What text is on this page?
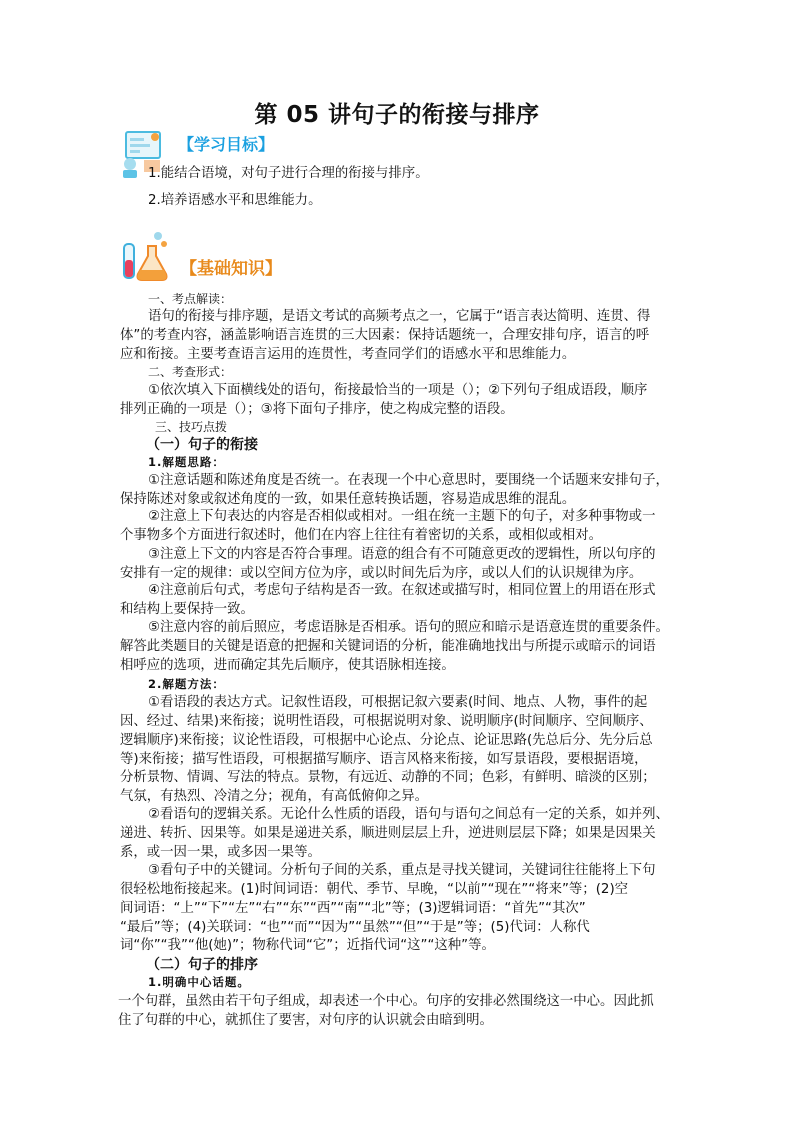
第 05 讲句子的衔接与排序
【学习目标】
1.能结合语境，对句子进行合理的衔接与排序。
2.培养语感水平和思维能力。
【基础知识】
一、考点解读：
语句的衔接与排序题，是语文考试的高频考点之一，它属于“语言表达简明、连贯、得
体”的考查内容，涵盖影响语言连贯的三大因素：保持话题统一，合理安排句序，语言的呼
应和衔接。主要考查语言运用的连贯性，考查同学们的语感水平和思维能力。
二、考查形式：
①依次填入下面横线处的语句，衔接最恰当的一项是（）；②下列句子组成语段，顺序
排列正确的一项是（）；③将下面句子排序，使之构成完整的语段。
三、技巧点拨
（一）句子的衔接
1.解题思路：
①注意话题和陈述角度是否统一。在表现一个中心意思时，要围绕一个话题来安排句子，
保持陈述对象或叙述角度的一致，如果任意转换话题，容易造成思维的混乱。
②注意上下句表达的内容是否相似或相对。一组在统一主题下的句子，对多种事物或一
个事物多个方面进行叙述时，他们在内容上往往有着密切的关系，或相似或相对。
③注意上下文的内容是否符合事理。语意的组合有不可随意更改的逻辑性，所以句序的
安排有一定的规律：或以空间方位为序，或以时间先后为序，或以人们的认识规律为序。
④注意前后句式，考虑句子结构是否一致。在叙述或描写时，相同位置上的用语在形式
和结构上要保持一致。
⑤注意内容的前后照应，考虑语脉是否相承。语句的照应和暗示是语意连贯的重要条件。
解答此类题目的关键是语意的把握和关键词语的分析，能准确地找出与所提示或暗示的词语
相呼应的选项，进而确定其先后顺序，使其语脉相连接。
2.解题方法：
①看语段的表达方式。记叙性语段，可根据记叙六要素(时间、地点、人物，事件的起
因、经过、结果)来衔接；说明性语段，可根据说明对象、说明顺序(时间顺序、空间顺序、
逻辑顺序)来衔接；议论性语段，可根据中心论点、分论点、论证思路(先总后分、先分后总
等)来衔接；描写性语段，可根据描写顺序、语言风格来衔接，如写景语段，要根据语境，
分析景物、情调、写法的特点。景物，有远近、动静的不同；色彩，有鲜明、暗淡的区别；
气氛，有热烈、冷清之分；视角，有高低俯仰之异。
②看语句的逻辑关系。无论什么性质的语段，语句与语句之间总有一定的关系，如并列、
递进、转折、因果等。如果是递进关系，顺进则层层上升，逆进则层层下降；如果是因果关
系，或一因一果，或多因一果等。
③看句子中的关键词。分析句子间的关系，重点是寻找关键词，关键词往往能将上下句
很轻松地衔接起来。(1)时间词语：朝代、季节、早晚，“以前”“现在”“将来”等；(2)空
间词语：“上”“下”“左”“右”“东”“西”“南”“北”等；(3)逻辑词语：“首先”“其次”
“最后”等；(4)关联词：“也”“而”“因为”“虽然”“但”“于是”等；(5)代词：人称代
词“你”“我”“他(她)”；物称代词“它”；近指代词“这”“这种”等。
（二）句子的排序
1.明确中心话题。
一个句群，虽然由若干句子组成，却表述一个中心。句序的安排必然围绕这一中心。因此抓
住了句群的中心，就抓住了要害，对句序的认识就会由暗到明。
